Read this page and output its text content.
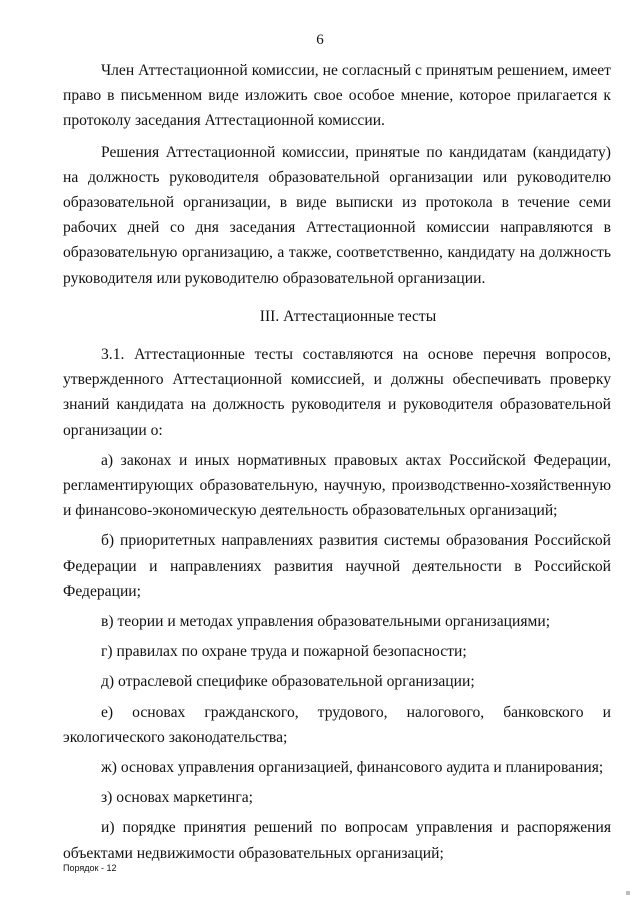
6

Член Аттестационной комиссии, не согласный с принятым решением, имеет право в письменном виде изложить свое особое мнение, которое прилагается к протоколу заседания Аттестационной комиссии.

Решения Аттестационной комиссии, принятые по кандидатам (кандидату) на должность руководителя образовательной организации или руководителю образовательной организации, в виде выписки из протокола в течение семи рабочих дней со дня заседания Аттестационной комиссии направляются в образовательную организацию, а также, соответственно, кандидату на должность руководителя или руководителю образовательной организации.

III. Аттестационные тесты

3.1. Аттестационные тесты составляются на основе перечня вопросов, утвержденного Аттестационной комиссией, и должны обеспечивать проверку знаний кандидата на должность руководителя и руководителя образовательной организации о:

а) законах и иных нормативных правовых актах Российской Федерации, регламентирующих образовательную, научную, производственно-хозяйственную и финансово-экономическую деятельность образовательных организаций;

б) приоритетных направлениях развития системы образования Российской Федерации и направлениях развития научной деятельности в Российской Федерации;

в) теории и методах управления образовательными организациями;

г) правилах по охране труда и пожарной безопасности;

д) отраслевой специфике образовательной организации;

е) основах гражданского, трудового, налогового, банковского и экологического законодательства;

ж) основах управления организацией, финансового аудита и планирования;

з) основах маркетинга;

и) порядке принятия решений по вопросам управления и распоряжения объектами недвижимости образовательных организаций;

Порядок - 12
